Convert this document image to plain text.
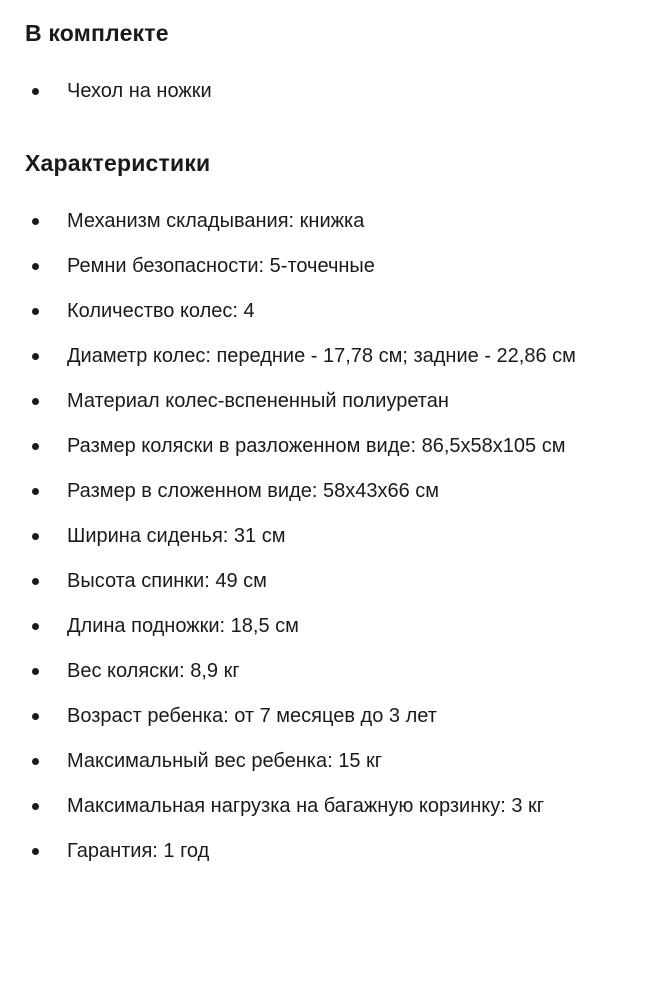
В комплекте
Чехол на ножки
Характеристики
Механизм складывания: книжка
Ремни безопасности: 5-точечные
Количество колес: 4
Диаметр колес: передние - 17,78 см; задние - 22,86 см
Материал колес-вспененный полиуретан
Размер коляски в разложенном виде: 86,5х58х105 см
Размер в сложенном виде: 58х43х66 см
Ширина сиденья: 31 см
Высота спинки: 49 см
Длина подножки: 18,5 см
Вес коляски: 8,9 кг
Возраст ребенка: от 7 месяцев до 3 лет
Максимальный вес ребенка: 15 кг
Максимальная нагрузка на багажную корзинку: 3 кг
Гарантия: 1 год
